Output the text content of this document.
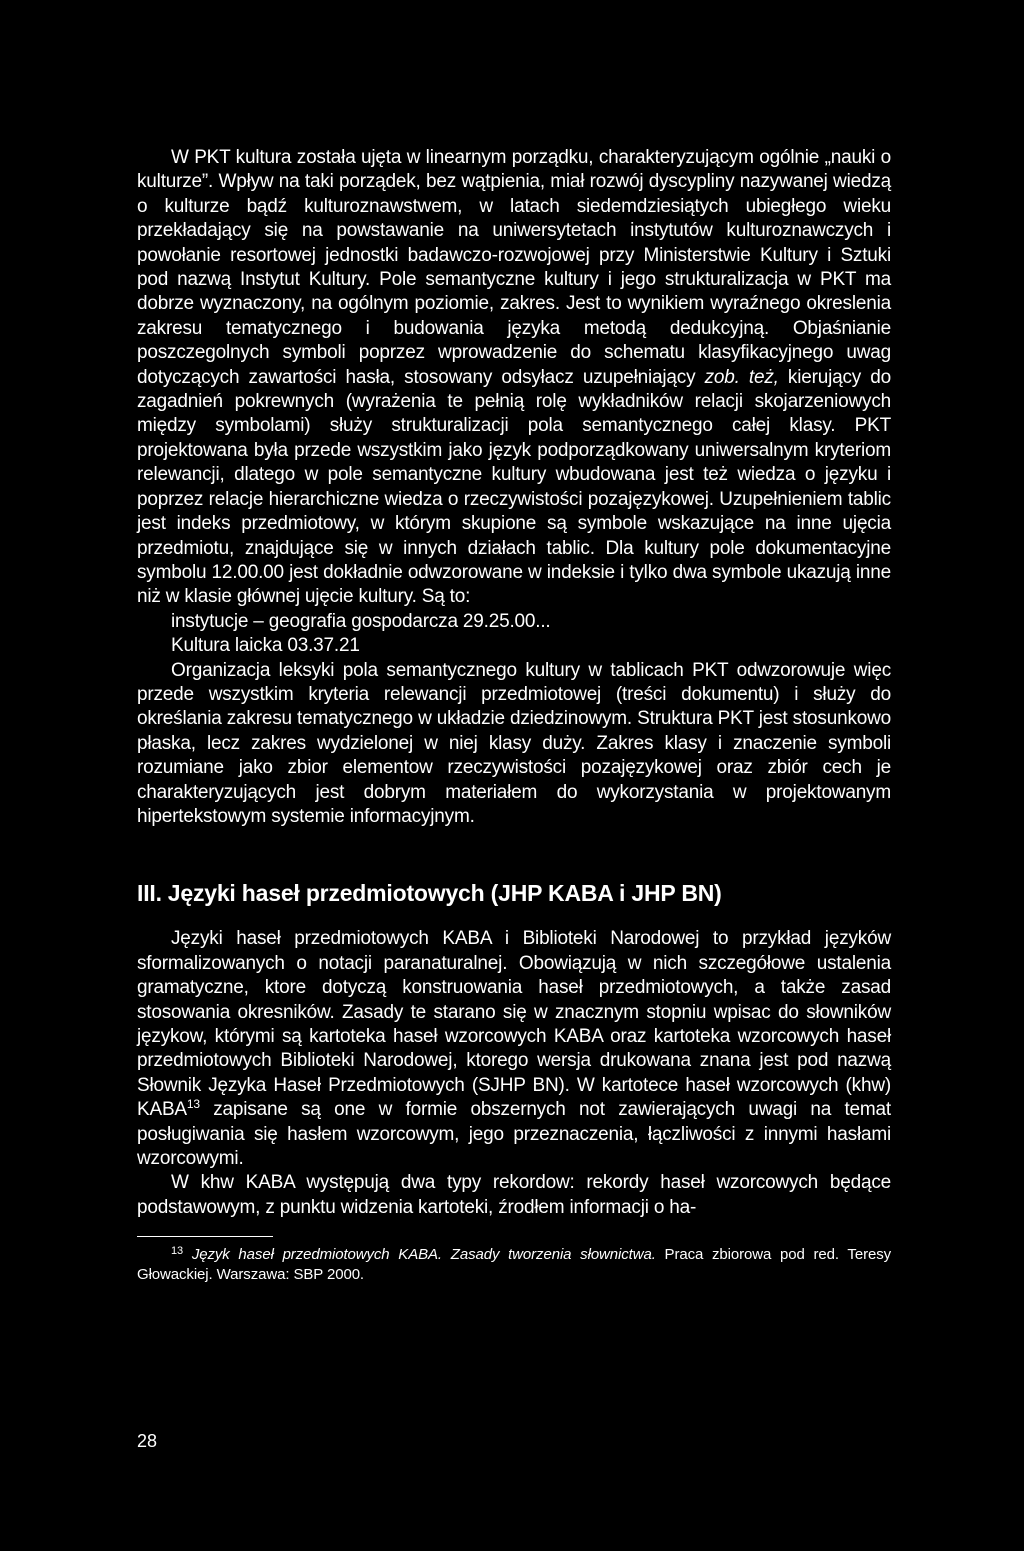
W PKT kultura została ujęta w linearnym porządku, charakteryzującym ogólnie „nauki o kulturze”. Wpływ na taki porządek, bez wątpienia, miał rozwój dyscypliny nazywanej wiedzą o kulturze bądź kulturoznawstwem, w latach siedemdziesiątych ubiegłego wieku przekładający się na powstawanie na uniwersytetach instytutów kulturoznawczych i powołanie resortowej jednostki badawczo-rozwojowej przy Ministerstwie Kultury i Sztuki pod nazwą Instytut Kultury. Pole semantyczne kultury i jego strukturalizacja w PKT ma dobrze wyznaczony, na ogólnym poziomie, zakres. Jest to wynikiem wyraźnego okreslenia zakresu tematycznego i budowania języka metodą dedukcyjną. Objaśnianie poszczegolnych symboli poprzez wprowadzenie do schematu klasyfikacyjnego uwag dotyczących zawartości hasła, stosowany odsyłacz uzupełniający zob. też, kierujący do zagadnień pokrewnych (wyrażenia te pełnią rolę wykładników relacji skojarzeniowych między symbolami) służy strukturalizacji pola semantycznego całej klasy. PKT projektowana była przede wszystkim jako język podporządkowany uniwersalnym kryteriom relewancji, dlatego w pole semantyczne kultury wbudowana jest też wiedza o języku i poprzez relacje hierarchiczne wiedza o rzeczywistości pozajęzykowej. Uzupełnieniem tablic jest indeks przedmiotowy, w którym skupione są symbole wskazujące na inne ujęcia przedmiotu, znajdujące się w innych działach tablic. Dla kultury pole dokumentacyjne symbolu 12.00.00 jest dokładnie odwzorowane w indeksie i tylko dwa symbole ukazują inne niż w klasie głównej ujęcie kultury. Są to:

instytucje – geografia gospodarcza 29.25.00...

Kultura laicka 03.37.21

Organizacja leksyki pola semantycznego kultury w tablicach PKT odwzorowuje więc przede wszystkim kryteria relewancji przedmiotowej (treści dokumentu) i służy do określania zakresu tematycznego w układzie dziedzinowym. Struktura PKT jest stosunkowo płaska, lecz zakres wydzielonej w niej klasy duży. Zakres klasy i znaczenie symboli rozumiane jako zbior elementow rzeczywistości pozajęzykowej oraz zbiór cech je charakteryzujących jest dobrym materiałem do wykorzystania w projektowanym hipertekstowym systemie informacyjnym.

III. Języki haseł przedmiotowych (JHP KABA i JHP BN)

Języki haseł przedmiotowych KABA i Biblioteki Narodowej to przykład języków sformalizowanych o notacji paranaturalnej. Obowiązują w nich szczegółowe ustalenia gramatyczne, ktore dotyczą konstruowania haseł przedmiotowych, a także zasad stosowania okresników. Zasady te starano się w znacznym stopniu wpisac do słowników językow, którymi są kartoteka haseł wzorcowych KABA oraz kartoteka wzorcowych haseł przedmiotowych Biblioteki Narodowej, ktorego wersja drukowana znana jest pod nazwą Słownik Języka Haseł Przedmiotowych (SJHP BN). W kartotece haseł wzorcowych (khw) KABA$^{13}$ zapisane są one w formie obszernych not zawierających uwagi na temat posługiwania się hasłem wzorcowym, jego przeznaczenia, łączliwości z innymi hasłami wzorcowymi.

W khw KABA występują dwa typy rekordow: rekordy haseł wzorcowych będące podstawowym, z punktu widzenia kartoteki, źrodłem informacji o ha-

$^{13}$ Język haseł przedmiotowych KABA. Zasady tworzenia słownictwa. Praca zbiorowa pod red. Teresy Głowackiej. Warszawa: SBP 2000.

28
